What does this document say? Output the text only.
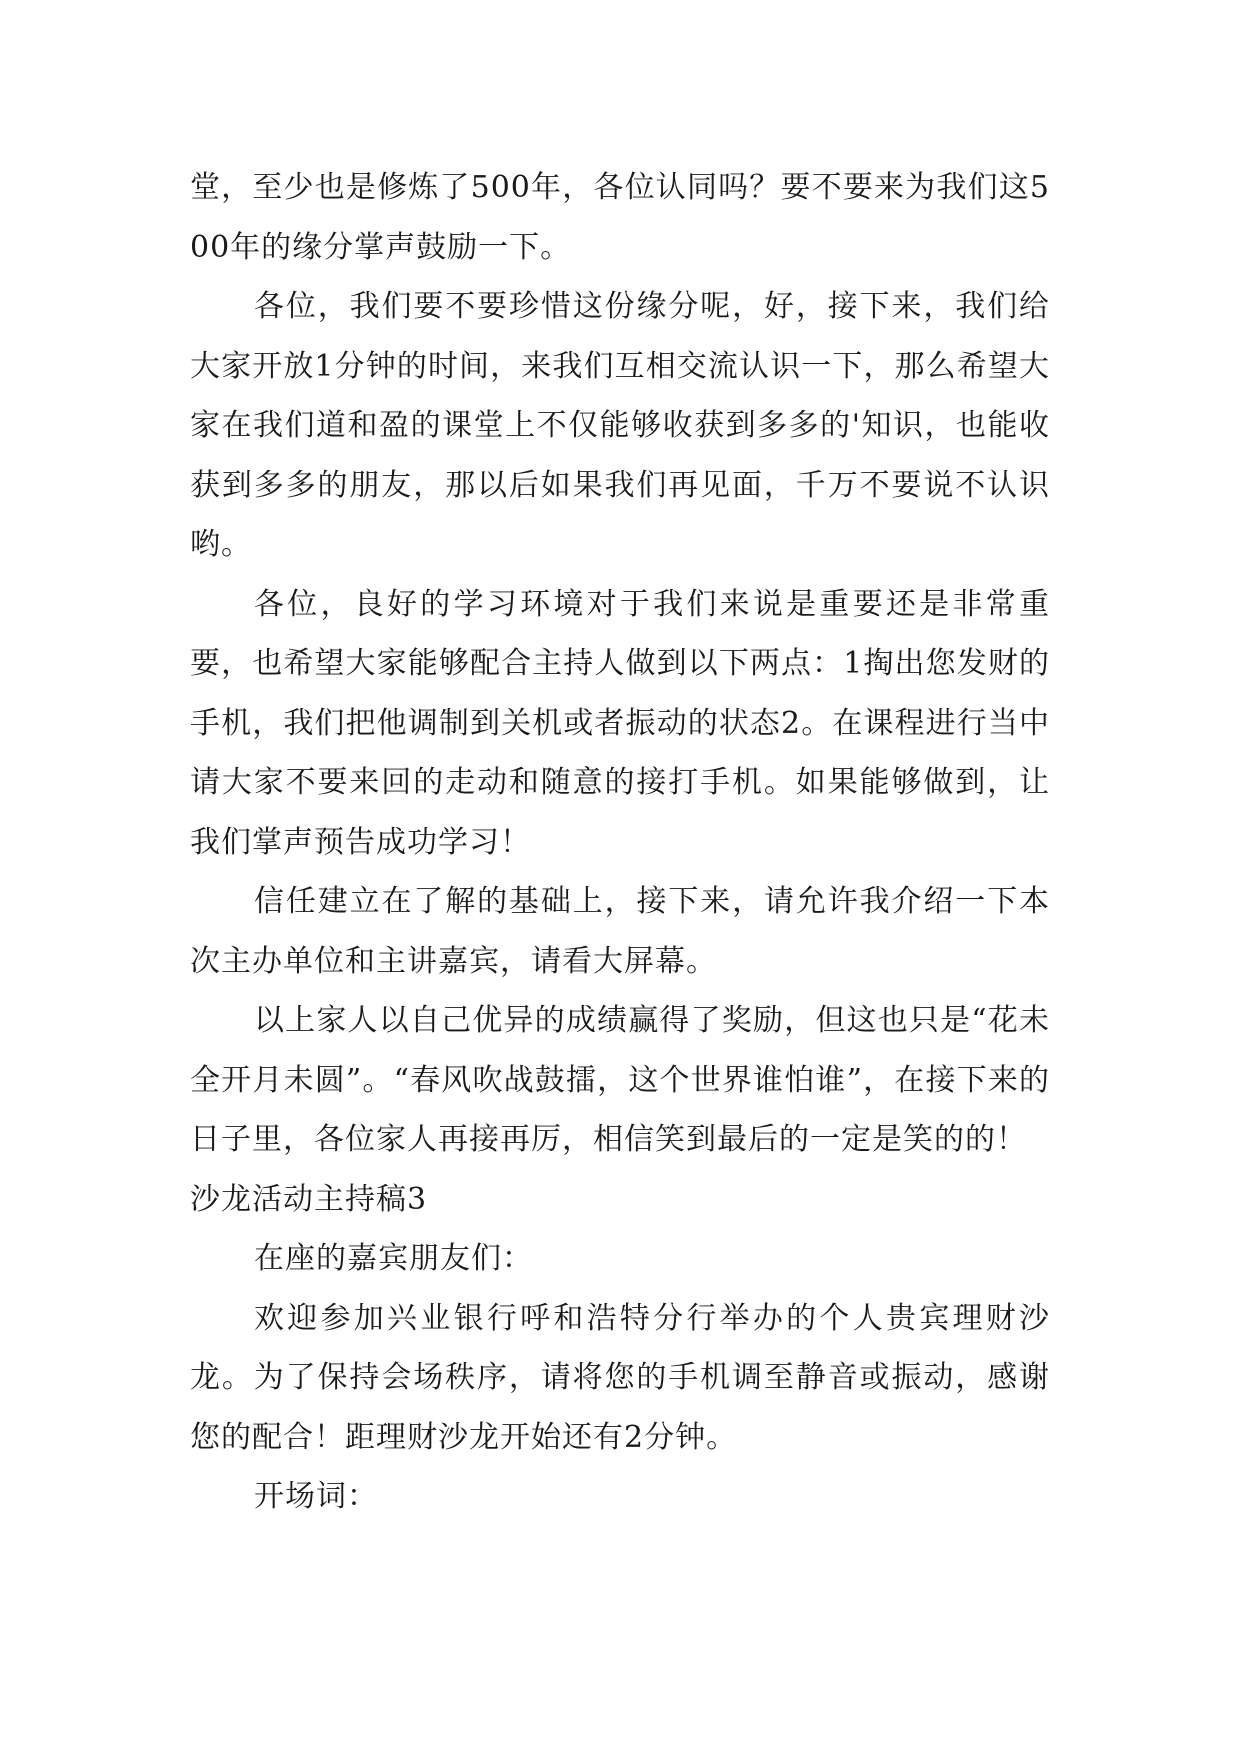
堂，至少也是修炼了500年，各位认同吗？要不要来为我们这500年的缘分掌声鼓励一下。

各位，我们要不要珍惜这份缘分呢，好，接下来，我们给大家开放1分钟的时间，来我们互相交流认识一下，那么希望大家在我们道和盈的课堂上不仅能够收获到多多的'知识，也能收获到多多的朋友，那以后如果我们再见面，千万不要说不认识哟。

各位，良好的学习环境对于我们来说是重要还是非常重要，也希望大家能够配合主持人做到以下两点：1掏出您发财的手机，我们把他调制到关机或者振动的状态2。在课程进行当中请大家不要来回的走动和随意的接打手机。如果能够做到，让我们掌声预告成功学习！

信任建立在了解的基础上，接下来，请允许我介绍一下本次主办单位和主讲嘉宾，请看大屏幕。

以上家人以自己优异的成绩赢得了奖励，但这也只是“花未全开月未圆”。“春风吹战鼓擂，这个世界谁怕谁”，在接下来的日子里，各位家人再接再厉，相信笑到最后的一定是笑的的！

沙龙活动主持稿3

在座的嘉宾朋友们：

欢迎参加兴业银行呼和浩特分行举办的个人贵宾理财沙龙。为了保持会场秩序，请将您的手机调至静音或振动，感谢您的配合！距理财沙龙开始还有2分钟。

开场词：
